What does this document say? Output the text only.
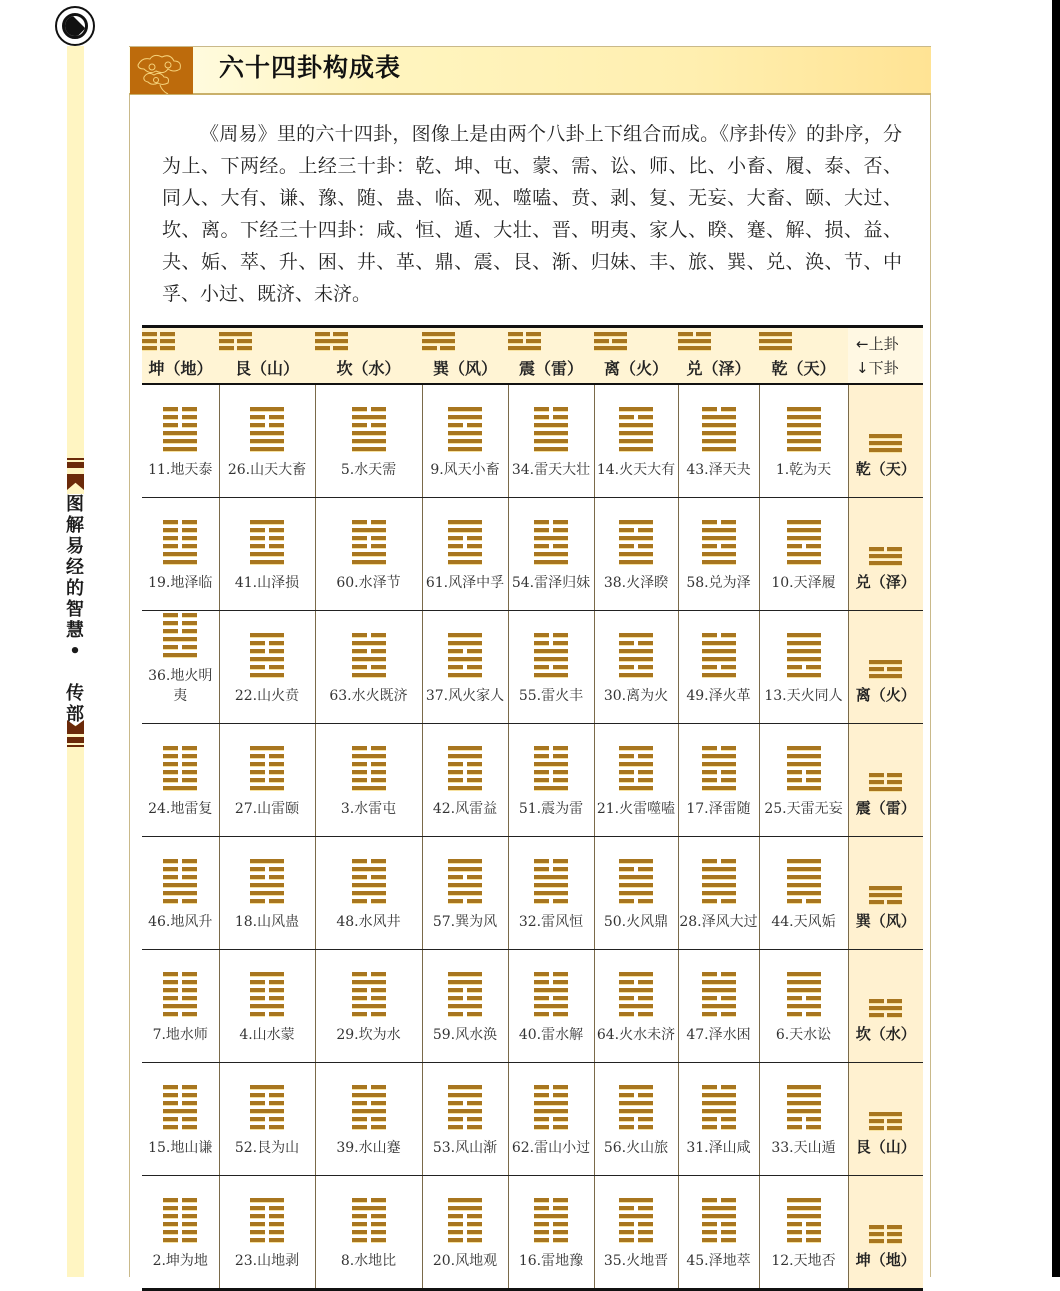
图
解
易
经
的
智
慧
•

传
部
六十四卦构成表

《周易》里的六十四卦，图像上是由两个八卦上下组合而成。《序卦传》的卦序，分为上、下两经。上经三十卦：乾、坤、屯、蒙、需、讼、师、比、小畜、履、泰、否、同人、大有、谦、豫、随、蛊、临、观、噬嗑、贲、剥、复、无妄、大畜、颐、大过、坎、离。下经三十四卦：咸、恒、遁、大壮、晋、明夷、家人、睽、蹇、解、损、益、夬、姤、萃、升、困、井、革、鼎、震、艮、渐、归妹、丰、旅、巽、兑、涣、节、中孚、小过、既济、未济。

坤（地）	艮（山）	坎（水）	巽（风）	震（雷）	离（火）	兑（泽）	乾（天）	←上卦
↓下卦

11.地天泰	26.山天大畜	5.水天需	9.风天小畜	34.雷天大壮	14.火天大有	43.泽天夬	1.乾为天	乾（天）

19.地泽临	41.山泽损	60.水泽节	61.风泽中孚	54.雷泽归妹	38.火泽睽	58.兑为泽	10.天泽履	兑（泽）

36.地火明夷	22.山火贲	63.水火既济	37.风火家人	55.雷火丰	30.离为火	49.泽火革	13.天火同人	离（火）

24.地雷复	27.山雷颐	3.水雷屯	42.风雷益	51.震为雷	21.火雷噬嗑	17.泽雷随	25.天雷无妄	震（雷）

46.地风升	18.山风蛊	48.水风井	57.巽为风	32.雷风恒	50.火风鼎	28.泽风大过	44.天风姤	巽（风）

7.地水师	4.山水蒙	29.坎为水	59.风水涣	40.雷水解	64.火水未济	47.泽水困	6.天水讼	坎（水）

15.地山谦	52.艮为山	39.水山蹇	53.风山渐	62.雷山小过	56.火山旅	31.泽山咸	33.天山遁	艮（山）

2.坤为地	23.山地剥	8.水地比	20.风地观	16.雷地豫	35.火地晋	45.泽地萃	12.天地否	坤（地）
